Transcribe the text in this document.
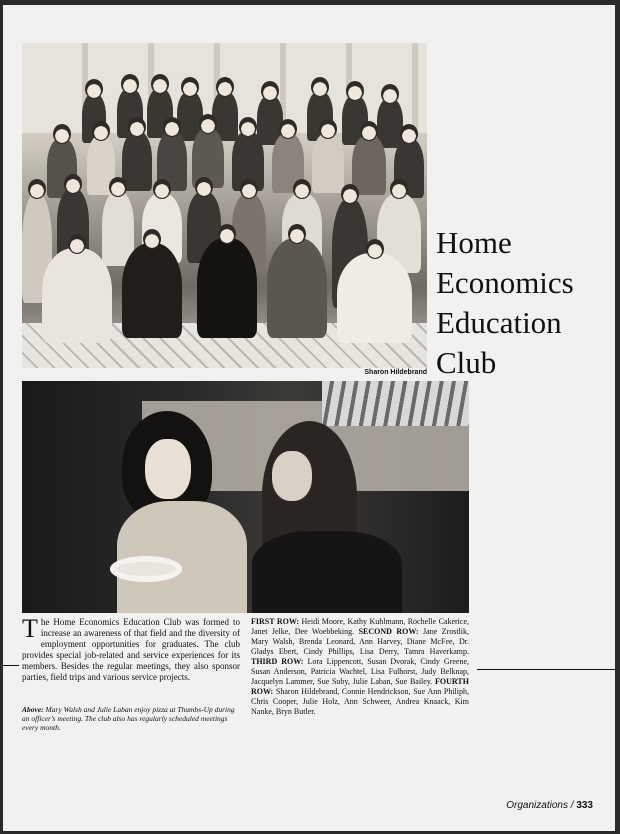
Sharon Hildebrand
Home
Economics
Education
Club
The Home Economics Education Club was formed to increase an awareness of that field and the diversity of employment opportunities for graduates. The club provides special job-related and service experiences for its members. Besides the regular meetings, they also sponsor parties, field trips and various service projects.
Above: Mary Walsh and Julie Laban enjoy pizza at Thumbs-Up during an officer's meeting. The club also has regularly scheduled meetings every month.
FIRST ROW: Heidi Moore, Kathy Kuhlmann, Rochelle Cakerice, Janet Jelke, Dee Woebbeking. SECOND ROW: Jane Zrostlik, Mary Walsh, Brenda Leonard, Ann Harvey, Diane McFee, Dr. Gladys Ebert, Cindy Phillips, Lisa Derry, Tamra Haverkamp. THIRD ROW: Lora Lippencott, Susan Dvorak, Cindy Greene, Susan Anderson, Patricia Wachtel, Lisa Fulhorst, Judy Belknap, Jacquelyn Lammer, Sue Suby, Julie Laban, Sue Bailey. FOURTH ROW: Sharon Hildebrand, Connie Hendrickson, Sue Ann Philiph, Chris Cooper, Julie Holz, Ann Schweer, Andrea Knaack, Kim Nanke, Bryn Butler.
Organizations / 333
